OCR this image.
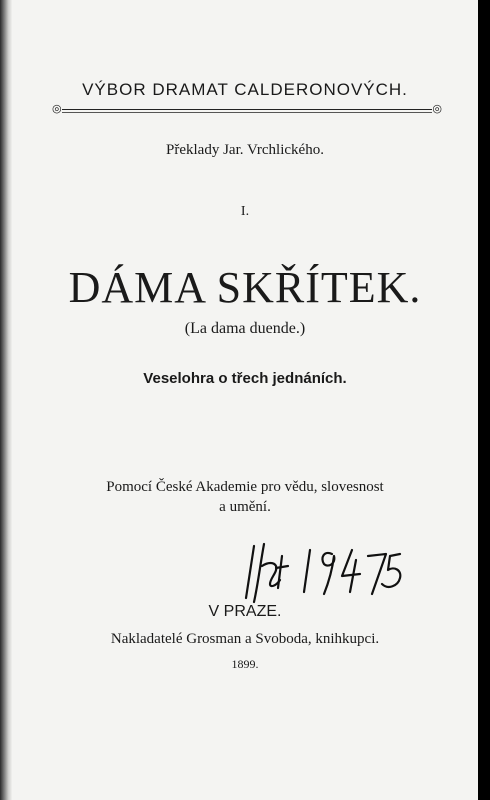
VÝBOR DRAMAT CALDERONOVÝCH.
◎	◎
Překlady Jar. Vrchlického.
I.
DÁMA SKŘÍTEK.
(La dama duende.)
Veselohra o třech jednáních.
Pomocí České Akademie pro vědu, slovesnost
a umění.
V PRAZE.
Nakladatelé Grosman a Svoboda, knihkupci.
1899.
